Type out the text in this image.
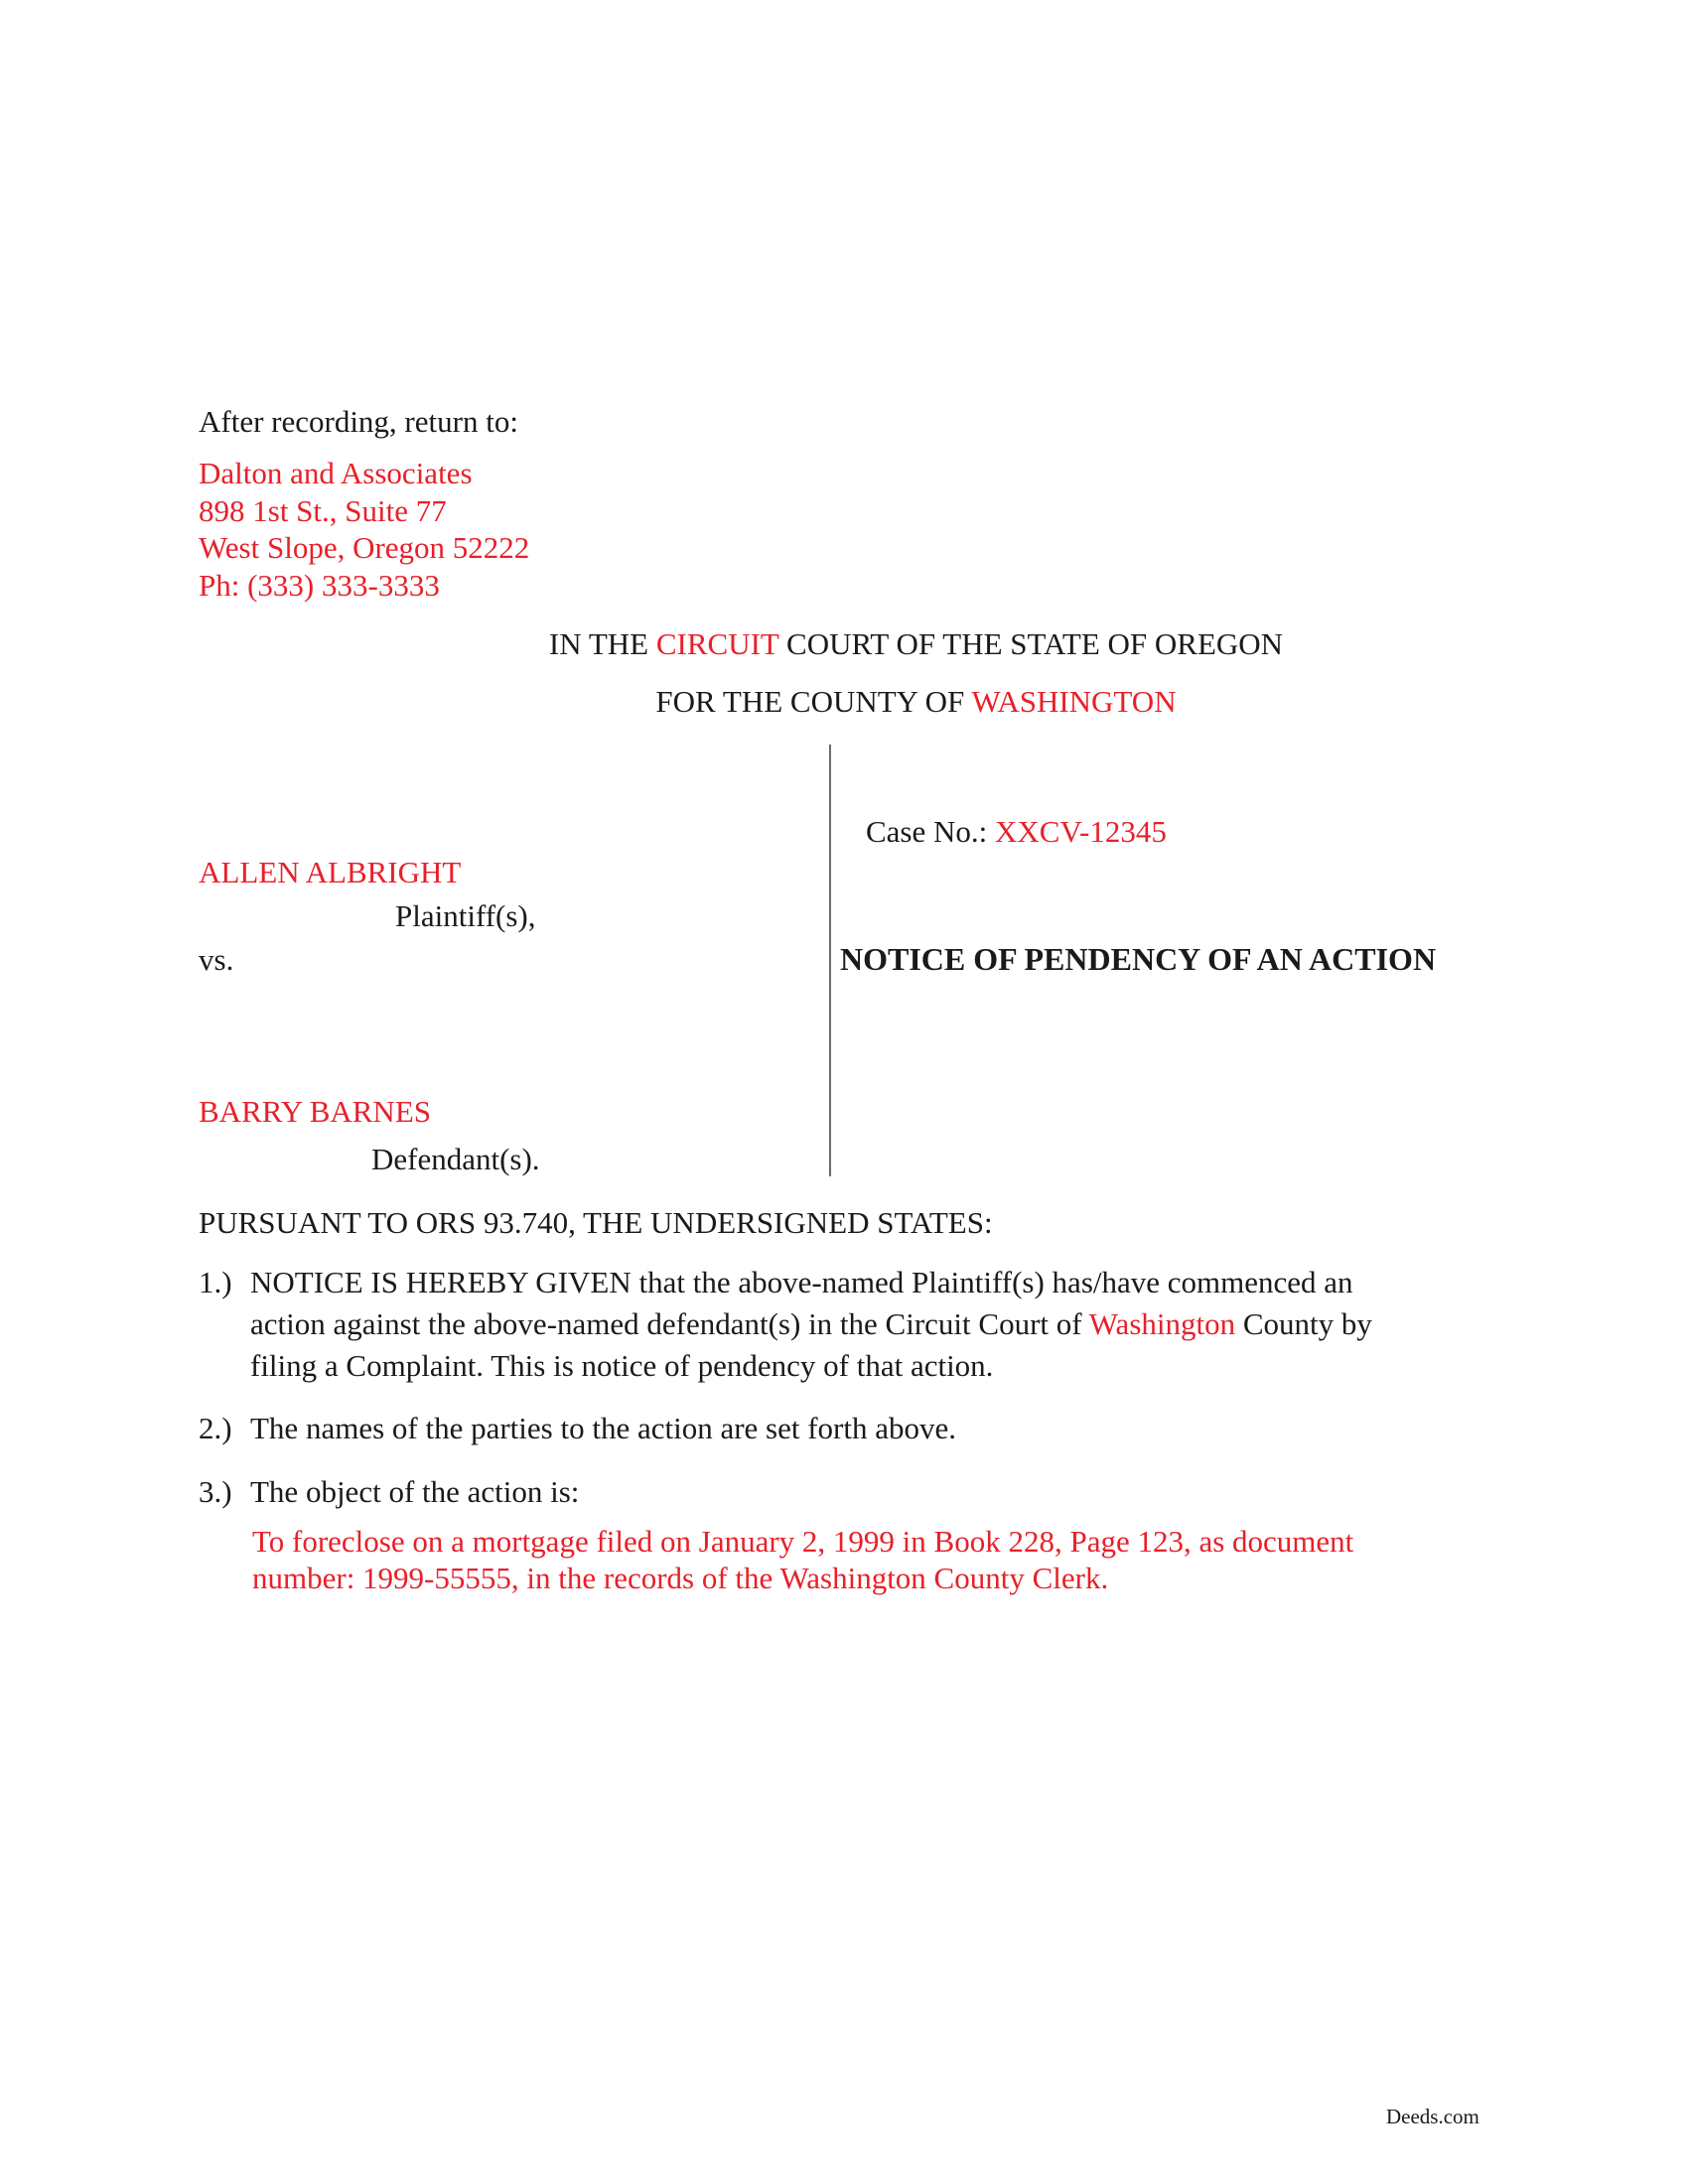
After recording, return to:
Dalton and Associates
898 1st St., Suite 77
West Slope, Oregon 52222
Ph: (333) 333-3333
IN THE CIRCUIT COURT OF THE STATE OF OREGON
FOR THE COUNTY OF WASHINGTON
Case No.: XXCV-12345
ALLEN ALBRIGHT
Plaintiff(s),
vs.	NOTICE OF PENDENCY OF AN ACTION
BARRY BARNES
Defendant(s).
PURSUANT TO ORS 93.740, THE UNDERSIGNED STATES:
1.) NOTICE IS HEREBY GIVEN that the above-named Plaintiff(s) has/have commenced an
action against the above-named defendant(s) in the Circuit Court of Washington County by
filing a Complaint. This is notice of pendency of that action.
2.) The names of the parties to the action are set forth above.
3.) The object of the action is:
To foreclose on a mortgage filed on January 2, 1999 in Book 228, Page 123, as document
number: 1999-55555, in the records of the Washington County Clerk.
Deeds.com
